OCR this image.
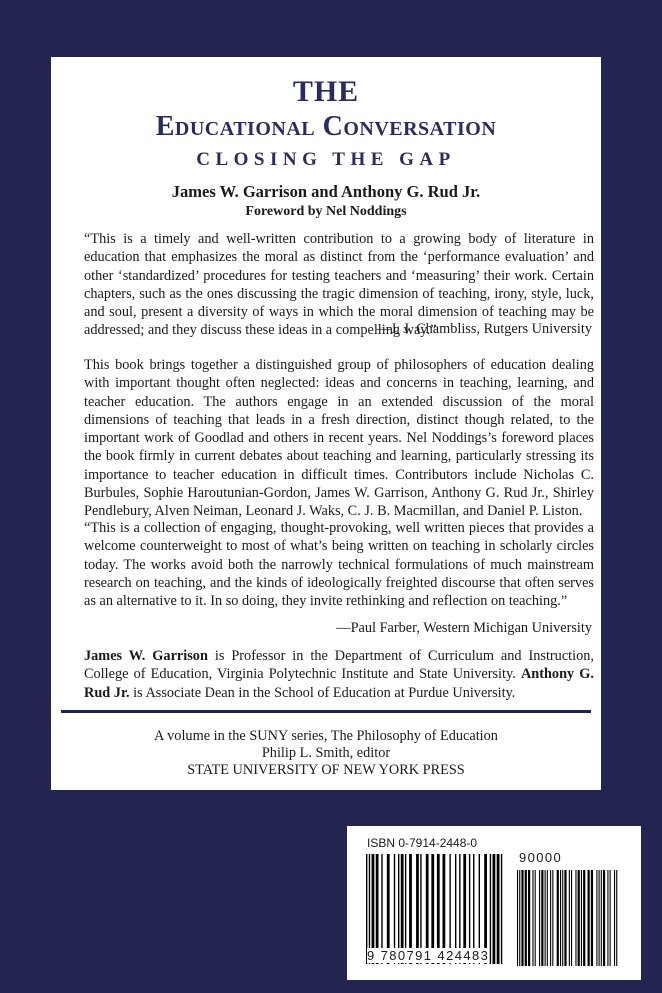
THE
Educational Conversation
CLOSING THE GAP

James W. Garrison and Anthony G. Rud Jr.

Foreword by Nel Noddings

“This is a timely and well-written contribution to a growing body of literature in education that emphasizes the moral as distinct from the ‘performance evaluation’ and other ‘standardized’ procedures for testing teachers and ‘measuring’ their work. Certain chapters, such as the ones discussing the tragic dimension of teaching, irony, style, luck, and soul, present a diversity of ways in which the moral dimension of teaching may be addressed; and they discuss these ideas in a compelling way.”

—J. J. Chambliss, Rutgers University

This book brings together a distinguished group of philosophers of education dealing with important thought often neglected: ideas and concerns in teaching, learning, and teacher education. The authors engage in an extended discussion of the moral dimensions of teaching that leads in a fresh direction, distinct though related, to the important work of Goodlad and others in recent years. Nel Noddings’s foreword places the book firmly in current debates about teaching and learning, particularly stressing its importance to teacher education in difficult times. Contributors include Nicholas C. Burbules, Sophie Haroutunian-Gordon, James W. Garrison, Anthony G. Rud Jr., Shirley Pendlebury, Alven Neiman, Leonard J. Waks, C. J. B. Macmillan, and Daniel P. Liston.

“This is a collection of engaging, thought-provoking, well written pieces that provides a welcome counterweight to most of what’s being written on teaching in scholarly circles today. The works avoid both the narrowly technical formulations of much mainstream research on teaching, and the kinds of ideologically freighted discourse that often serves as an alternative to it. In so doing, they invite rethinking and reflection on teaching.”

—Paul Farber, Western Michigan University

James W. Garrison is Professor in the Department of Curriculum and Instruction, College of Education, Virginia Polytechnic Institute and State University. Anthony G. Rud Jr. is Associate Dean in the School of Education at Purdue University.

A volume in the SUNY series, The Philosophy of Education

Philip L. Smith, editor

STATE UNIVERSITY OF NEW YORK PRESS

ISBN 0-7914-2448-0

90000

9 780791 424483
